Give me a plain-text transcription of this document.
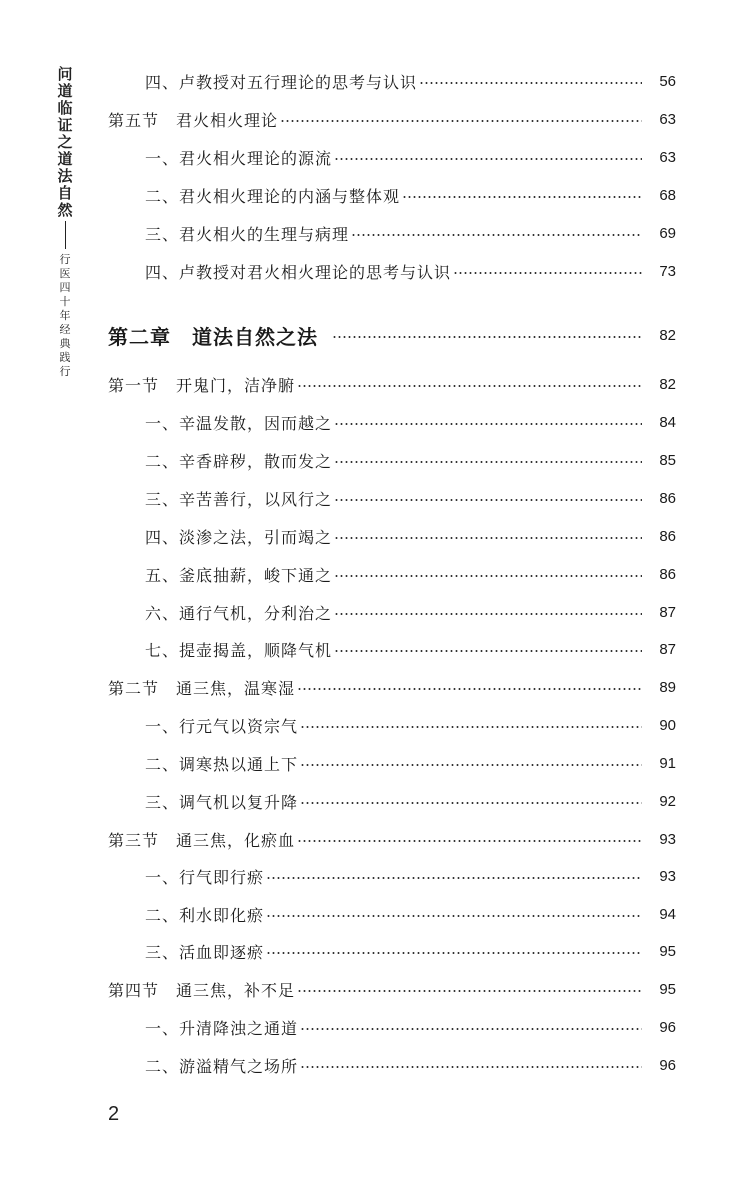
问
道
临
证
之
道
法
自
然
行
医
四
十
年
经
典
践
行
四、卢教授对五行理论的思考与认识	56
第五节　君火相火理论	63
一、君火相火理论的源流	63
二、君火相火理论的内涵与整体观	68
三、君火相火的生理与病理	69
四、卢教授对君火相火理论的思考与认识	73
第二章　道法自然之法	82
第一节　开鬼门，洁净腑	82
一、辛温发散，因而越之	84
二、辛香辟秽，散而发之	85
三、辛苦善行，以风行之	86
四、淡渗之法，引而竭之	86
五、釜底抽薪，峻下通之	86
六、通行气机，分利治之	87
七、提壶揭盖，顺降气机	87
第二节　通三焦，温寒湿	89
一、行元气以资宗气	90
二、调寒热以通上下	91
三、调气机以复升降	92
第三节　通三焦，化瘀血	93
一、行气即行瘀	93
二、利水即化瘀	94
三、活血即逐瘀	95
第四节　通三焦，补不足	95
一、升清降浊之通道	96
二、游溢精气之场所	96
2
